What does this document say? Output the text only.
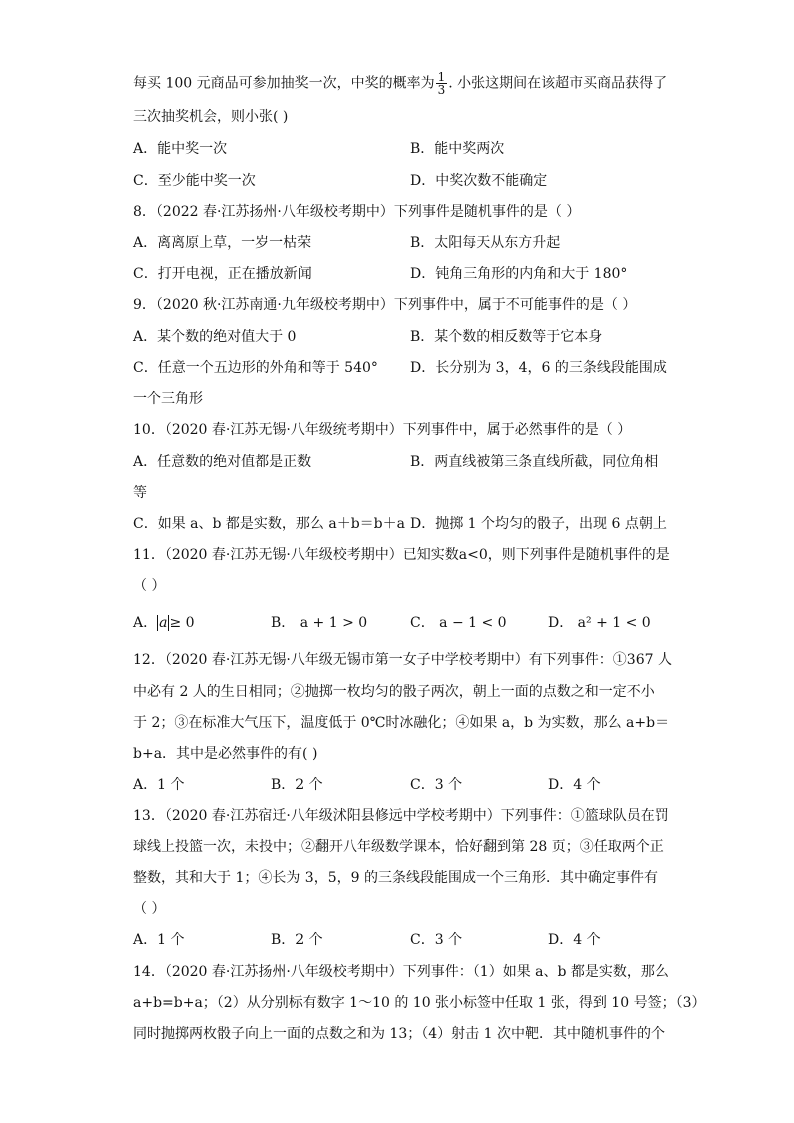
每买 100 元商品可参加抽奖一次，中奖的概率为 $\frac{1}{3}$ . 小张这期间在该超市买商品获得了
三次抽奖机会，则小张( )
A．能中奖一次	B．能中奖两次
C．至少能中奖一次	D．中奖次数不能确定
8．（2022 春·江苏扬州·八年级校考期中）下列事件是随机事件的是（ ）
A．离离原上草，一岁一枯荣	B．太阳每天从东方升起
C．打开电视，正在播放新闻	D．钝角三角形的内角和大于 180°
9．（2020 秋·江苏南通·九年级校考期中）下列事件中，属于不可能事件的是（ ）
A．某个数的绝对值大于 0	B．某个数的相反数等于它本身
C．任意一个五边形的外角和等于 540° D．长分别为 3，4，6 的三条线段能围成
一个三角形
10．（2020 春·江苏无锡·八年级统考期中）下列事件中，属于必然事件的是（ ）
A．任意数的绝对值都是正数	B．两直线被第三条直线所截，同位角相
等
C．如果 a、b 都是实数，那么 a＋b＝b＋a D．抛掷 1 个均匀的骰子，出现 6 点朝上
11．（2020 春·江苏无锡·八年级校考期中）已知实数a<0，则下列事件是随机事件的是
（ ）
A． a ≥ 0	B． a + 1 > 0	C． a − 1 < 0	D． a² + 1 < 0
12．（2020 春·江苏无锡·八年级无锡市第一女子中学校考期中）有下列事件：①367 人
中必有 2 人的生日相同；②抛掷一枚均匀的骰子两次，朝上一面的点数之和一定不小
于 2；③在标准大气压下，温度低于 0℃时冰融化；④如果 a，b 为实数，那么 a+b＝
b+a．其中是必然事件的有( )
A．1 个	B．2 个	C．3 个	D．4 个
13．（2020 春·江苏宿迁·八年级沭阳县修远中学校考期中）下列事件：①篮球队员在罚
球线上投篮一次，未投中；②翻开八年级数学课本，恰好翻到第 28 页；③任取两个正
整数，其和大于 1；④长为 3，5，9 的三条线段能围成一个三角形．其中确定事件有
（ ）
A．1 个	B．2 个	C．3 个	D．4 个
14．（2020 春·江苏扬州·八年级校考期中）下列事件：（1）如果 a、b 都是实数，那么
a+b=b+a；（2）从分别标有数字 1～10 的 10 张小标签中任取 1 张，得到 10 号签；（3）
同时抛掷两枚骰子向上一面的点数之和为 13；（4）射击 1 次中靶．其中随机事件的个
